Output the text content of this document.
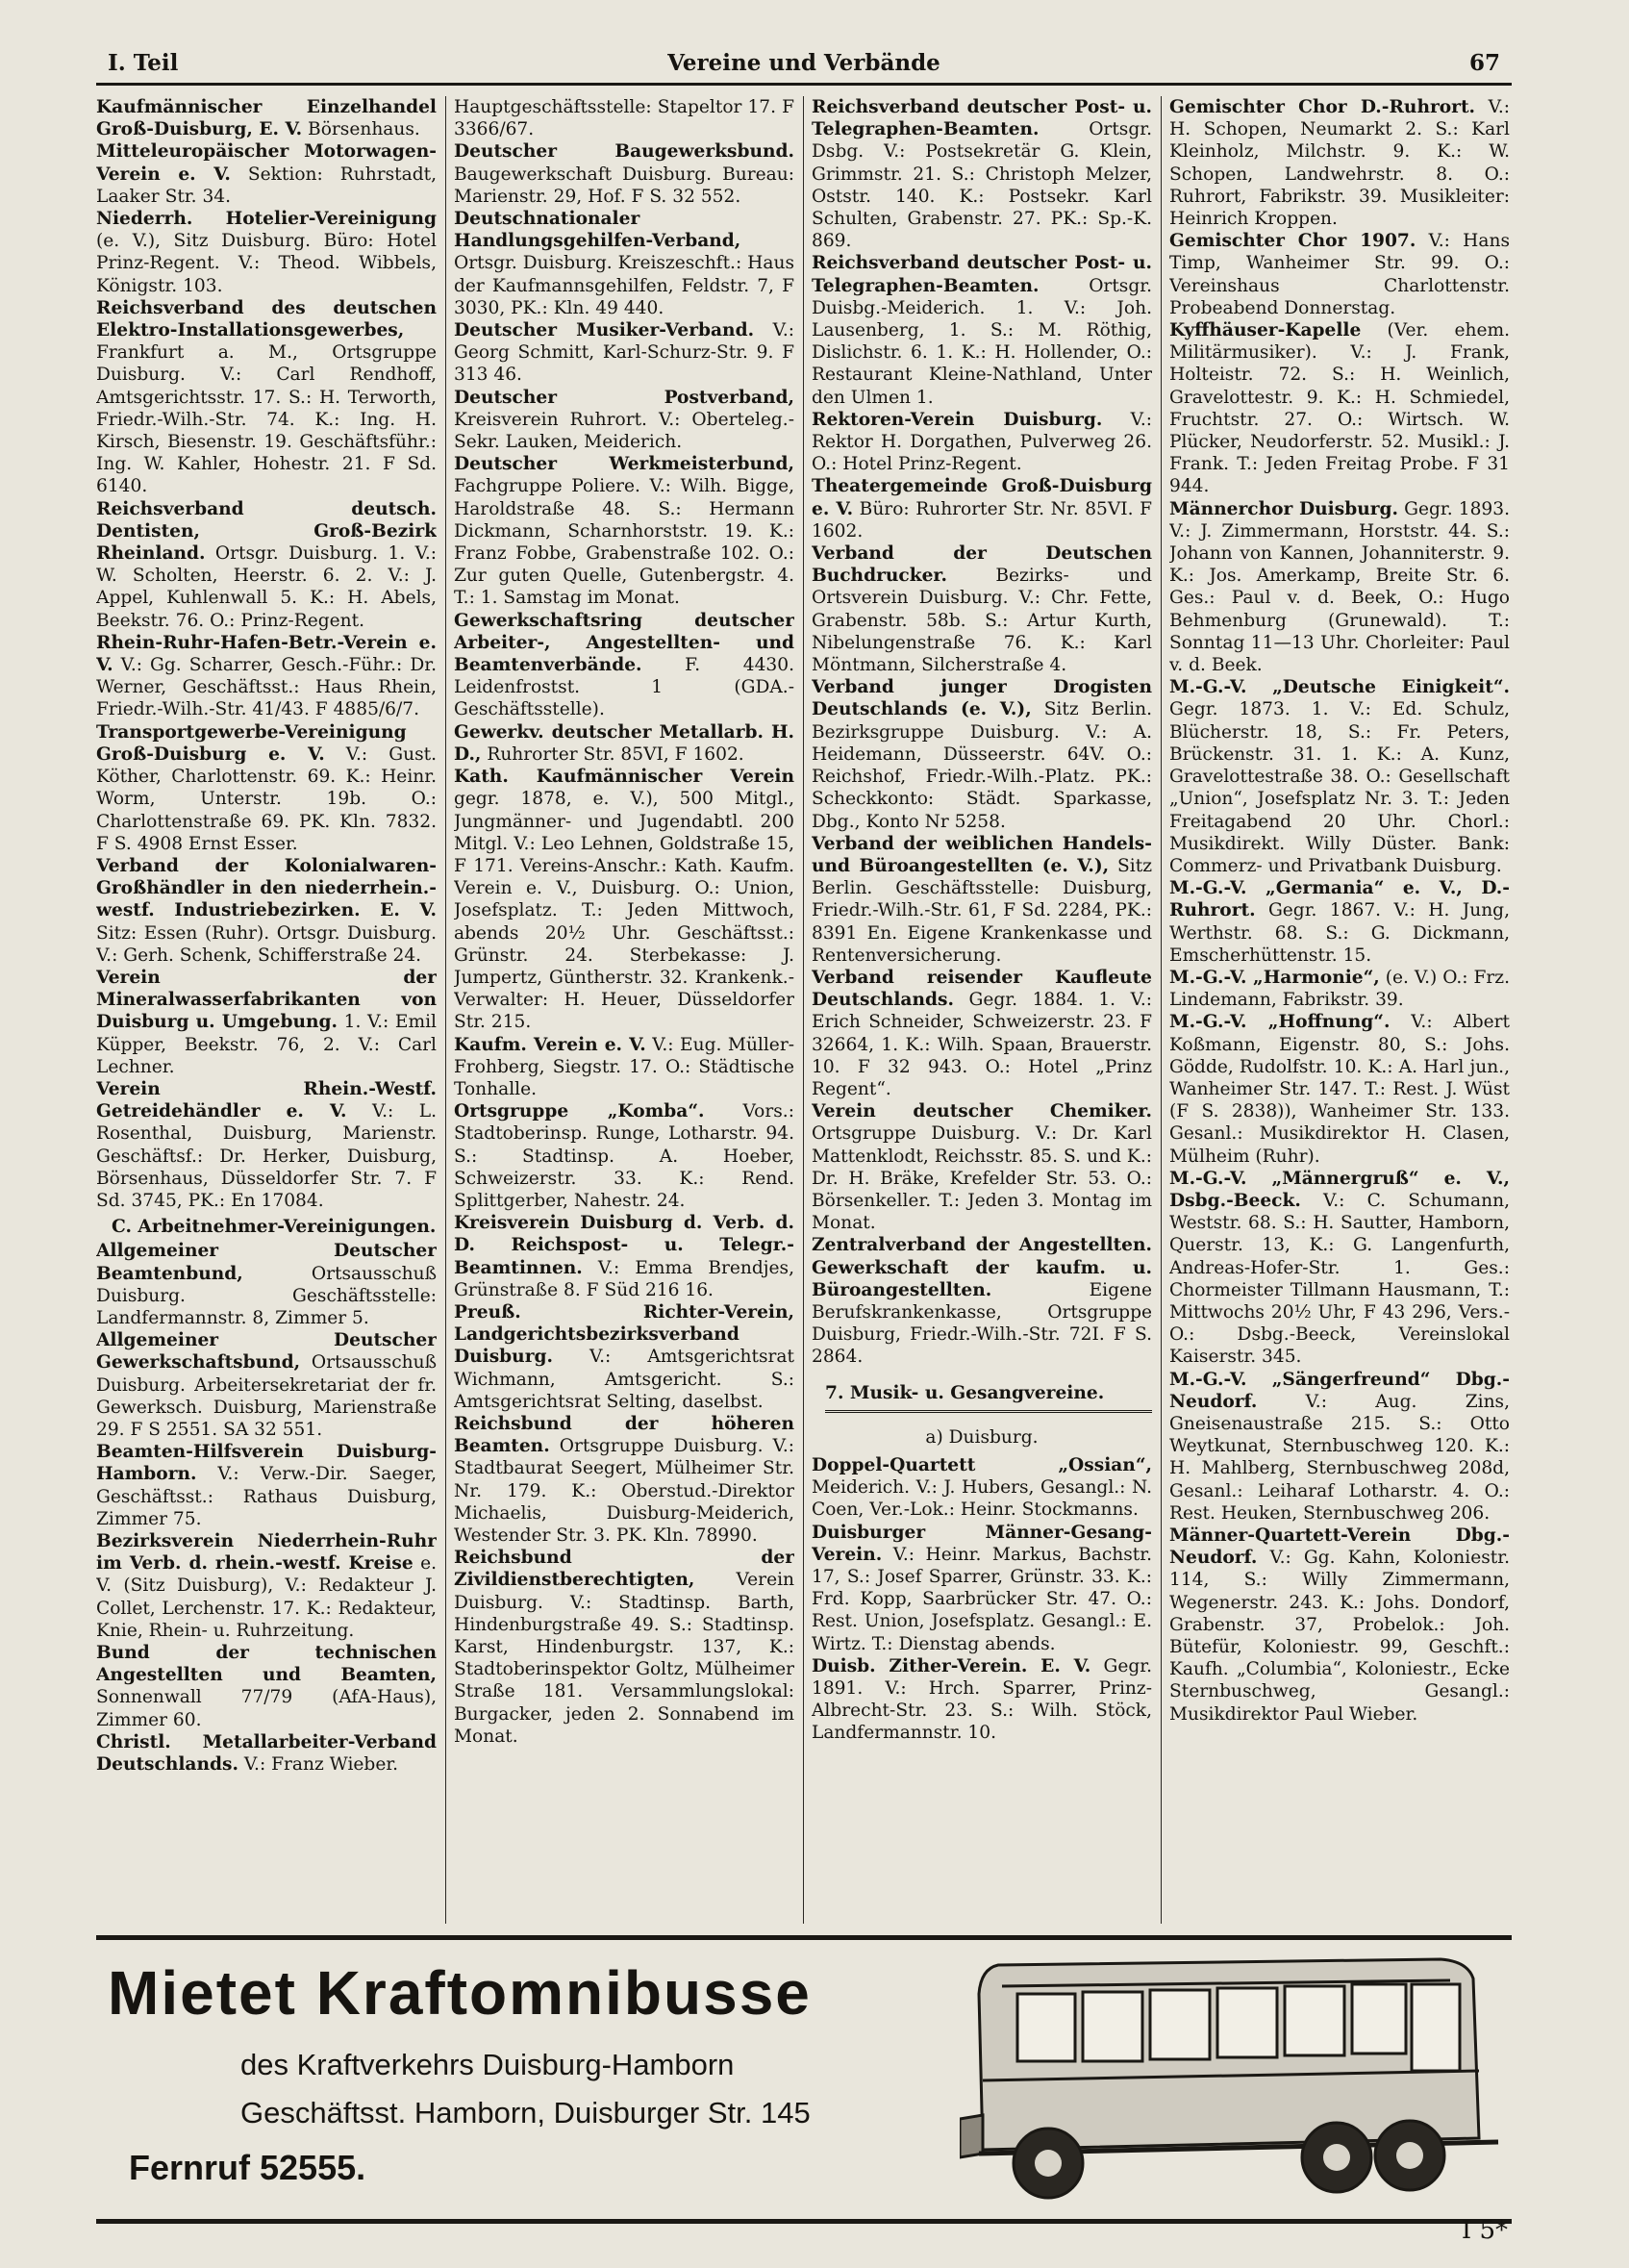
I. Teil	Vereine und Verbände	67

Kaufmännischer Einzelhandel Groß-Duisburg, E. V. Börsenhaus.

Mitteleuropäischer Motorwagen-Verein e. V. Sektion: Ruhrstadt, Laaker Str. 34.

Niederrh. Hotelier-Vereinigung (e. V.), Sitz Duisburg. Büro: Hotel Prinz-Regent. V.: Theod. Wibbels, Königstr. 103.

Reichsverband des deutschen Elektro-Installationsgewerbes, Frankfurt a. M., Ortsgruppe Duisburg. V.: Carl Rendhoff, Amtsgerichtsstr. 17. S.: H. Terworth, Friedr.-Wilh.-Str. 74. K.: Ing. H. Kirsch, Biesenstr. 19. Geschäftsführ.: Ing. W. Kahler, Hohestr. 21. F Sd. 6140.

Reichsverband deutsch. Dentisten, Groß-Bezirk Rheinland. Ortsgr. Duisburg. 1. V.: W. Scholten, Heerstr. 6. 2. V.: J. Appel, Kuhlenwall 5. K.: H. Abels, Beekstr. 76. O.: Prinz-Regent.

Rhein-Ruhr-Hafen-Betr.-Verein e. V. V.: Gg. Scharrer, Gesch.-Führ.: Dr. Werner, Geschäftsst.: Haus Rhein, Friedr.-Wilh.-Str. 41/43. F 4885/6/7.

Transportgewerbe-Vereinigung Groß-Duisburg e. V. V.: Gust. Köther, Charlottenstr. 69. K.: Heinr. Worm, Unterstr. 19b. O.: Charlottenstraße 69. PK. Kln. 7832. F S. 4908 Ernst Esser.

Verband der Kolonialwaren-Großhändler in den niederrhein.-westf. Industriebezirken. E. V. Sitz: Essen (Ruhr). Ortsgr. Duisburg. V.: Gerh. Schenk, Schifferstraße 24.

Verein der Mineralwasserfabrikanten von Duisburg u. Umgebung. 1. V.: Emil Küpper, Beekstr. 76, 2. V.: Carl Lechner.

Verein Rhein.-Westf. Getreidehändler e. V. V.: L. Rosenthal, Duisburg, Marienstr. Geschäftsf.: Dr. Herker, Duisburg, Börsenhaus, Düsseldorfer Str. 7. F Sd. 3745, PK.: En 17084.

C. Arbeitnehmer-Vereinigungen.

Allgemeiner Deutscher Beamtenbund, Ortsausschuß Duisburg. Geschäftsstelle: Landfermannstr. 8, Zimmer 5.

Allgemeiner Deutscher Gewerkschaftsbund, Ortsausschuß Duisburg. Arbeitersekretariat der fr. Gewerksch. Duisburg, Marienstraße 29. F S 2551. SA 32 551.

Beamten-Hilfsverein Duisburg-Hamborn. V.: Verw.-Dir. Saeger, Geschäftsst.: Rathaus Duisburg, Zimmer 75.

Bezirksverein Niederrhein-Ruhr im Verb. d. rhein.-westf. Kreise e. V. (Sitz Duisburg), V.: Redakteur J. Collet, Lerchenstr. 17. K.: Redakteur, Knie, Rhein- u. Ruhrzeitung.

Bund der technischen Angestellten und Beamten, Sonnenwall 77/79 (AfA-Haus), Zimmer 60.

Christl. Metallarbeiter-Verband Deutschlands. V.: Franz Wieber.

Hauptgeschäftsstelle: Stapeltor 17. F 3366/67.

Deutscher Baugewerksbund. Baugewerkschaft Duisburg. Bureau: Marienstr. 29, Hof. F S. 32 552.

Deutschnationaler Handlungsgehilfen-Verband, Ortsgr. Duisburg. Kreiszeschft.: Haus der Kaufmannsgehilfen, Feldstr. 7, F 3030, PK.: Kln. 49 440.

Deutscher Musiker-Verband. V.: Georg Schmitt, Karl-Schurz-Str. 9. F 313 46.

Deutscher Postverband, Kreisverein Ruhrort. V.: Oberteleg.-Sekr. Lauken, Meiderich.

Deutscher Werkmeisterbund, Fachgruppe Poliere. V.: Wilh. Bigge, Haroldstraße 48. S.: Hermann Dickmann, Scharnhorststr. 19. K.: Franz Fobbe, Grabenstraße 102. O.: Zur guten Quelle, Gutenbergstr. 4. T.: 1. Samstag im Monat.

Gewerkschaftsring deutscher Arbeiter-, Angestellten- und Beamtenverbände. F. 4430. Leidenfrostst. 1 (GDA.-Geschäftsstelle).

Gewerkv. deutscher Metallarb. H. D., Ruhrorter Str. 85VI, F 1602.

Kath. Kaufmännischer Verein gegr. 1878, e. V.), 500 Mitgl., Jungmänner- und Jugendabtl. 200 Mitgl. V.: Leo Lehnen, Goldstraße 15, F 171. Vereins-Anschr.: Kath. Kaufm. Verein e. V., Duisburg. O.: Union, Josefsplatz. T.: Jeden Mittwoch, abends 20½ Uhr. Geschäftsst.: Grünstr. 24. Sterbekasse: J. Jumpertz, Güntherstr. 32. Krankenk.-Verwalter: H. Heuer, Düsseldorfer Str. 215.

Kaufm. Verein e. V. V.: Eug. Müller-Frohberg, Siegstr. 17. O.: Städtische Tonhalle.

Ortsgruppe „Komba“. Vors.: Stadtoberinsp. Runge, Lotharstr. 94. S.: Stadtinsp. A. Hoeber, Schweizerstr. 33. K.: Rend. Splittgerber, Nahestr. 24.

Kreisverein Duisburg d. Verb. d. D. Reichspost- u. Telegr.-Beamtinnen. V.: Emma Brendjes, Grünstraße 8. F Süd 216 16.

Preuß. Richter-Verein, Landgerichtsbezirksverband Duisburg. V.: Amtsgerichtsrat Wichmann, Amtsgericht. S.: Amtsgerichtsrat Selting, daselbst.

Reichsbund der höheren Beamten. Ortsgruppe Duisburg. V.: Stadtbaurat Seegert, Mülheimer Str. Nr. 179. K.: Oberstud.-Direktor Michaelis, Duisburg-Meiderich, Westender Str. 3. PK. Kln. 78990.

Reichsbund der Zivildienstberechtigten, Verein Duisburg. V.: Stadtinsp. Barth, Hindenburgstraße 49. S.: Stadtinsp. Karst, Hindenburgstr. 137, K.: Stadtoberinspektor Goltz, Mülheimer Straße 181. Versammlungslokal: Burgacker, jeden 2. Sonnabend im Monat.

Reichsverband deutscher Post- u. Telegraphen-Beamten. Ortsgr. Dsbg. V.: Postsekretär G. Klein, Grimmstr. 21. S.: Christoph Melzer, Oststr. 140. K.: Postsekr. Karl Schulten, Grabenstr. 27. PK.: Sp.-K. 869.

Reichsverband deutscher Post- u. Telegraphen-Beamten. Ortsgr. Duisbg.-Meiderich. 1. V.: Joh. Lausenberg, 1. S.: M. Röthig, Dislichstr. 6. 1. K.: H. Hollender, O.: Restaurant Kleine-Nathland, Unter den Ulmen 1.

Rektoren-Verein Duisburg. V.: Rektor H. Dorgathen, Pulverweg 26. O.: Hotel Prinz-Regent.

Theatergemeinde Groß-Duisburg e. V. Büro: Ruhrorter Str. Nr. 85VI. F 1602.

Verband der Deutschen Buchdrucker. Bezirks- und Ortsverein Duisburg. V.: Chr. Fette, Grabenstr. 58b. S.: Artur Kurth, Nibelungenstraße 76. K.: Karl Möntmann, Silcherstraße 4.

Verband junger Drogisten Deutschlands (e. V.), Sitz Berlin. Bezirksgruppe Duisburg. V.: A. Heidemann, Düsseerstr. 64V. O.: Reichshof, Friedr.-Wilh.-Platz. PK.: Scheckkonto: Städt. Sparkasse, Dbg., Konto Nr 5258.

Verband der weiblichen Handels- und Büroangestellten (e. V.), Sitz Berlin. Geschäftsstelle: Duisburg, Friedr.-Wilh.-Str. 61, F Sd. 2284, PK.: 8391 En. Eigene Krankenkasse und Rentenversicherung.

Verband reisender Kaufleute Deutschlands. Gegr. 1884. 1. V.: Erich Schneider, Schweizerstr. 23. F 32664, 1. K.: Wilh. Spaan, Brauerstr. 10. F 32 943. O.: Hotel „Prinz Regent“.

Verein deutscher Chemiker. Ortsgruppe Duisburg. V.: Dr. Karl Mattenklodt, Reichsstr. 85. S. und K.: Dr. H. Bräke, Krefelder Str. 53. O.: Börsenkeller. T.: Jeden 3. Montag im Monat.

Zentralverband der Angestellten. Gewerkschaft der kaufm. u. Büroangestellten. Eigene Berufskrankenkasse, Ortsgruppe Duisburg, Friedr.-Wilh.-Str. 72I. F S. 2864.

7. Musik- u. Gesangvereine.
a) Duisburg.

Doppel-Quartett „Ossian“, Meiderich. V.: J. Hubers, Gesangl.: N. Coen, Ver.-Lok.: Heinr. Stockmanns.

Duisburger Männer-Gesang-Verein. V.: Heinr. Markus, Bachstr. 17, S.: Josef Sparrer, Grünstr. 33. K.: Frd. Kopp, Saarbrücker Str. 47. O.: Rest. Union, Josefsplatz. Gesangl.: E. Wirtz. T.: Dienstag abends.

Duisb. Zither-Verein. E. V. Gegr. 1891. V.: Hrch. Sparrer, Prinz-Albrecht-Str. 23. S.: Wilh. Stöck, Landfermannstr. 10.

Gemischter Chor D.-Ruhrort. V.: H. Schopen, Neumarkt 2. S.: Karl Kleinholz, Milchstr. 9. K.: W. Schopen, Landwehrstr. 8. O.: Ruhrort, Fabrikstr. 39. Musikleiter: Heinrich Kroppen.

Gemischter Chor 1907. V.: Hans Timp, Wanheimer Str. 99. O.: Vereinshaus Charlottenstr. Probeabend Donnerstag.

Kyffhäuser-Kapelle (Ver. ehem. Militärmusiker). V.: J. Frank, Holteistr. 72. S.: H. Weinlich, Gravelottestr. 9. K.: H. Schmiedel, Fruchtstr. 27. O.: Wirtsch. W. Plücker, Neudorferstr. 52. Musikl.: J. Frank. T.: Jeden Freitag Probe. F 31 944.

Männerchor Duisburg. Gegr. 1893. V.: J. Zimmermann, Horststr. 44. S.: Johann von Kannen, Johanniterstr. 9. K.: Jos. Amerkamp, Breite Str. 6. Ges.: Paul v. d. Beek, O.: Hugo Behmenburg (Grunewald). T.: Sonntag 11—13 Uhr. Chorleiter: Paul v. d. Beek.

M.-G.-V. „Deutsche Einigkeit“. Gegr. 1873. 1. V.: Ed. Schulz, Blücherstr. 18, S.: Fr. Peters, Brückenstr. 31. 1. K.: A. Kunz, Gravelottestraße 38. O.: Gesellschaft „Union“, Josefsplatz Nr. 3. T.: Jeden Freitagabend 20 Uhr. Chorl.: Musikdirekt. Willy Düster. Bank: Commerz- und Privatbank Duisburg.

M.-G.-V. „Germania“ e. V., D.-Ruhrort. Gegr. 1867. V.: H. Jung, Werthstr. 68. S.: G. Dickmann, Emscherhüttenstr. 15.

M.-G.-V. „Harmonie“, (e. V.) O.: Frz. Lindemann, Fabrikstr. 39.

M.-G.-V. „Hoffnung“. V.: Albert Koßmann, Eigenstr. 80, S.: Johs. Gödde, Rudolfstr. 10. K.: A. Harl jun., Wanheimer Str. 147. T.: Rest. J. Wüst (F S. 2838)), Wanheimer Str. 133. Gesanl.: Musikdirektor H. Clasen, Mülheim (Ruhr).

M.-G.-V. „Männergruß“ e. V., Dsbg.-Beeck. V.: C. Schumann, Weststr. 68. S.: H. Sautter, Hamborn, Querstr. 13, K.: G. Langenfurth, Andreas-Hofer-Str. 1. Ges.: Chormeister Tillmann Hausmann, T.: Mittwochs 20½ Uhr, F 43 296, Vers.-O.: Dsbg.-Beeck, Vereinslokal Kaiserstr. 345.

M.-G.-V. „Sängerfreund“ Dbg.-Neudorf. V.: Aug. Zins, Gneisenaustraße 215. S.: Otto Weytkunat, Sternbuschweg 120. K.: H. Mahlberg, Sternbuschweg 208d, Gesanl.: Leiharaf Lotharstr. 4. O.: Rest. Heuken, Sternbuschweg 206.

Männer-Quartett-Verein Dbg.-Neudorf. V.: Gg. Kahn, Koloniestr. 114, S.: Willy Zimmermann, Wegenerstr. 243. K.: Johs. Dondorf, Grabenstr. 37, Probelok.: Joh. Bütefür, Koloniestr. 99, Geschft.: Kaufh. „Columbia“, Koloniestr., Ecke Sternbuschweg, Gesangl.: Musikdirektor Paul Wieber.

Mietet Kraftomnibusse
des Kraftverkehrs Duisburg-Hamborn
Geschäftsst. Hamborn, Duisburger Str. 145
Fernruf 52555.
I 5*
